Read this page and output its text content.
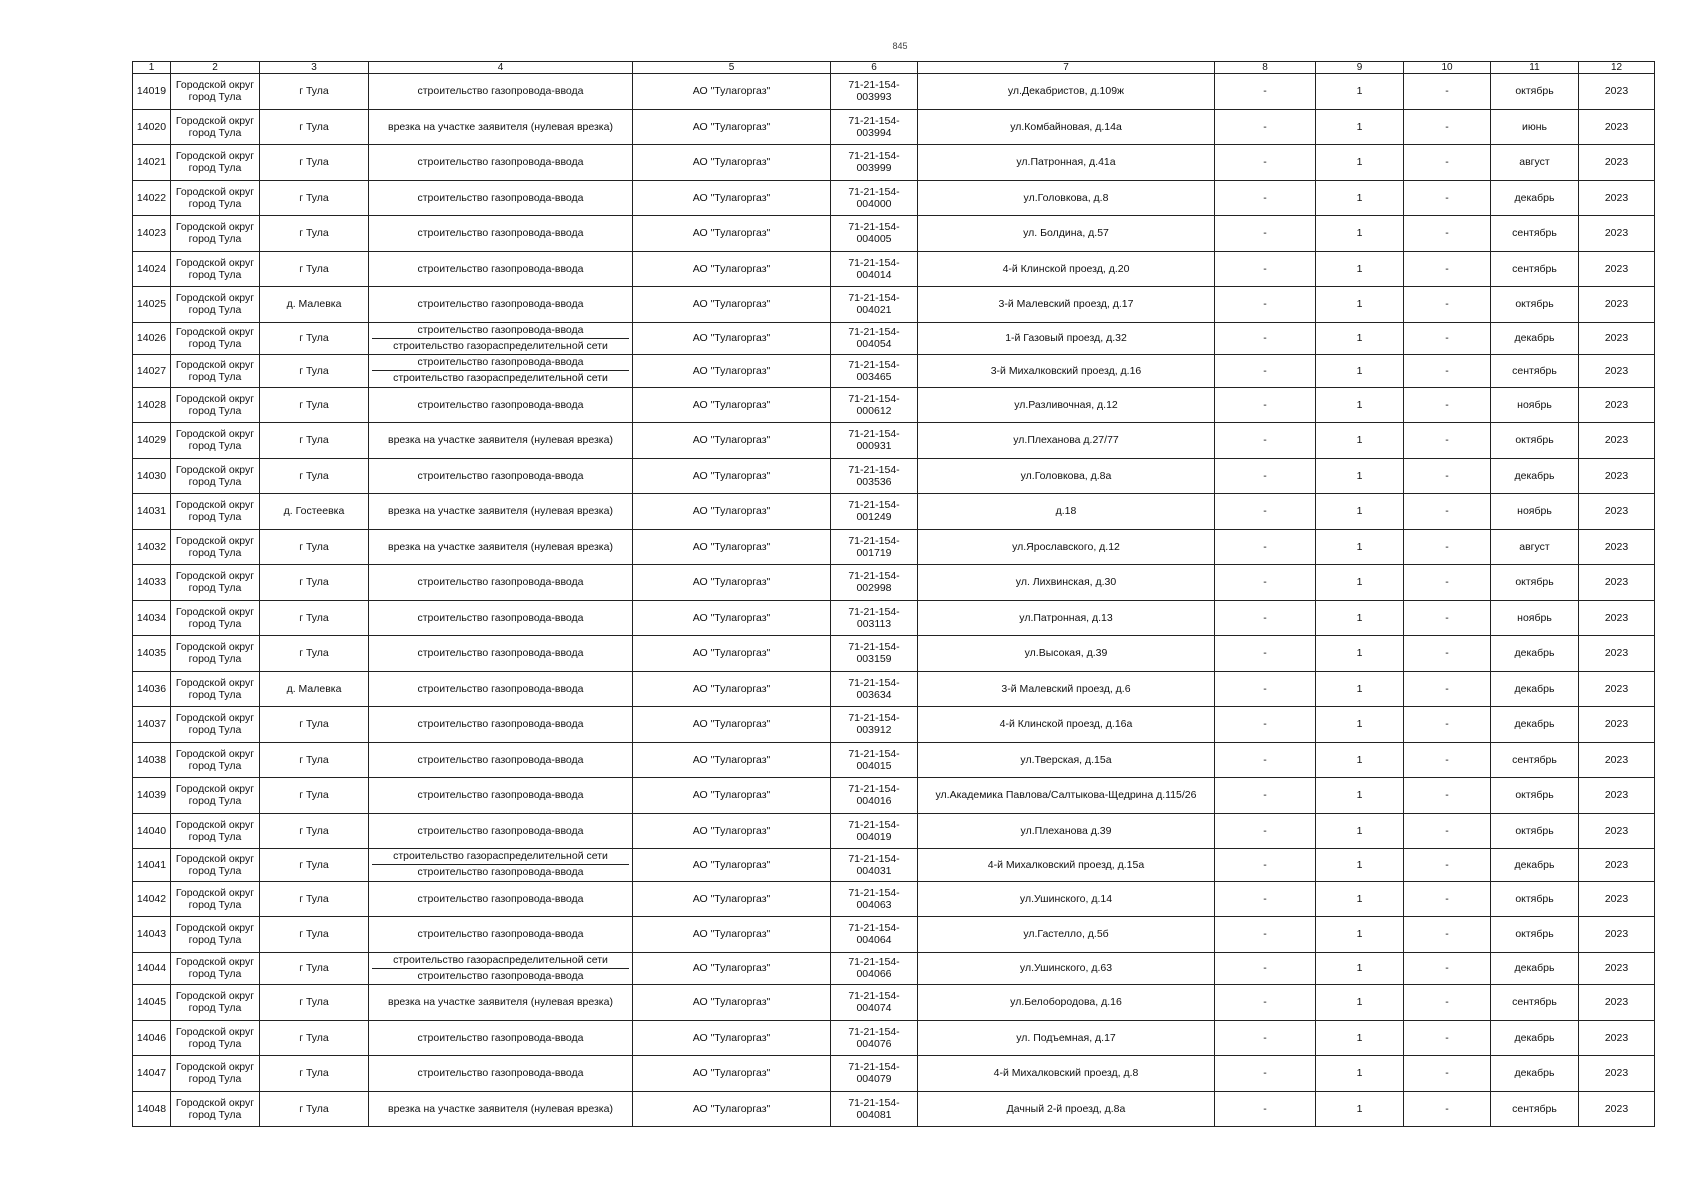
845
1	2	3	4	5	6	7	8	9	10	11	12
14019	Городской округ город Тула	г Тула	строительство газопровода-ввода	АО "Тулагоргаз"	71-21-154-003993	ул.Декабристов, д.109ж	-	1	-	октябрь	2023
14020	Городской округ город Тула	г Тула	врезка на участке заявителя (нулевая врезка)	АО "Тулагоргаз"	71-21-154-003994	ул.Комбайновая, д.14а	-	1	-	июнь	2023
14021	Городской округ город Тула	г Тула	строительство газопровода-ввода	АО "Тулагоргаз"	71-21-154-003999	ул.Патронная, д.41а	-	1	-	август	2023
14022	Городской округ город Тула	г Тула	строительство газопровода-ввода	АО "Тулагоргаз"	71-21-154-004000	ул.Головкова, д.8	-	1	-	декабрь	2023
14023	Городской округ город Тула	г Тула	строительство газопровода-ввода	АО "Тулагоргаз"	71-21-154-004005	ул. Болдина, д.57	-	1	-	сентябрь	2023
14024	Городской округ город Тула	г Тула	строительство газопровода-ввода	АО "Тулагоргаз"	71-21-154-004014	4-й Клинской проезд, д.20	-	1	-	сентябрь	2023
14025	Городской округ город Тула	д. Малевка	строительство газопровода-ввода	АО "Тулагоргаз"	71-21-154-004021	3-й Малевский проезд, д.17	-	1	-	октябрь	2023
14026	Городской округ город Тула	г Тула	строительство газопровода-ввода
строительство газораспределительной сети	АО "Тулагоргаз"	71-21-154-004054	1-й Газовый проезд, д.32	-	1	-	декабрь	2023
14027	Городской округ город Тула	г Тула	строительство газопровода-ввода
строительство газораспределительной сети	АО "Тулагоргаз"	71-21-154-003465	3-й Михалковский проезд, д.16	-	1	-	сентябрь	2023
14028	Городской округ город Тула	г Тула	строительство газопровода-ввода	АО "Тулагоргаз"	71-21-154-000612	ул.Разливочная, д.12	-	1	-	ноябрь	2023
14029	Городской округ город Тула	г Тула	врезка на участке заявителя (нулевая врезка)	АО "Тулагоргаз"	71-21-154-000931	ул.Плеханова д.27/77	-	1	-	октябрь	2023
14030	Городской округ город Тула	г Тула	строительство газопровода-ввода	АО "Тулагоргаз"	71-21-154-003536	ул.Головкова, д.8а	-	1	-	декабрь	2023
14031	Городской округ город Тула	д. Гостеевка	врезка на участке заявителя (нулевая врезка)	АО "Тулагоргаз"	71-21-154-001249	д.18	-	1	-	ноябрь	2023
14032	Городской округ город Тула	г Тула	врезка на участке заявителя (нулевая врезка)	АО "Тулагоргаз"	71-21-154-001719	ул.Ярославского, д.12	-	1	-	август	2023
14033	Городской округ город Тула	г Тула	строительство газопровода-ввода	АО "Тулагоргаз"	71-21-154-002998	ул. Лихвинская, д.30	-	1	-	октябрь	2023
14034	Городской округ город Тула	г Тула	строительство газопровода-ввода	АО "Тулагоргаз"	71-21-154-003113	ул.Патронная, д.13	-	1	-	ноябрь	2023
14035	Городской округ город Тула	г Тула	строительство газопровода-ввода	АО "Тулагоргаз"	71-21-154-003159	ул.Высокая, д.39	-	1	-	декабрь	2023
14036	Городской округ город Тула	д. Малевка	строительство газопровода-ввода	АО "Тулагоргаз"	71-21-154-003634	3-й Малевский проезд, д.6	-	1	-	декабрь	2023
14037	Городской округ город Тула	г Тула	строительство газопровода-ввода	АО "Тулагоргаз"	71-21-154-003912	4-й Клинской проезд, д.16а	-	1	-	декабрь	2023
14038	Городской округ город Тула	г Тула	строительство газопровода-ввода	АО "Тулагоргаз"	71-21-154-004015	ул.Тверская, д.15а	-	1	-	сентябрь	2023
14039	Городской округ город Тула	г Тула	строительство газопровода-ввода	АО "Тулагоргаз"	71-21-154-004016	ул.Академика Павлова/Салтыкова-Щедрина д.115/26	-	1	-	октябрь	2023
14040	Городской округ город Тула	г Тула	строительство газопровода-ввода	АО "Тулагоргаз"	71-21-154-004019	ул.Плеханова д.39	-	1	-	октябрь	2023
14041	Городской округ город Тула	г Тула	строительство газораспределительной сети
строительство газопровода-ввода	АО "Тулагоргаз"	71-21-154-004031	4-й Михалковский проезд, д.15а	-	1	-	декабрь	2023
14042	Городской округ город Тула	г Тула	строительство газопровода-ввода	АО "Тулагоргаз"	71-21-154-004063	ул.Ушинского, д.14	-	1	-	октябрь	2023
14043	Городской округ город Тула	г Тула	строительство газопровода-ввода	АО "Тулагоргаз"	71-21-154-004064	ул.Гастелло, д.5б	-	1	-	октябрь	2023
14044	Городской округ город Тула	г Тула	строительство газораспределительной сети
строительство газопровода-ввода	АО "Тулагоргаз"	71-21-154-004066	ул.Ушинского, д.63	-	1	-	декабрь	2023
14045	Городской округ город Тула	г Тула	врезка на участке заявителя (нулевая врезка)	АО "Тулагоргаз"	71-21-154-004074	ул.Белобородова, д.16	-	1	-	сентябрь	2023
14046	Городской округ город Тула	г Тула	строительство газопровода-ввода	АО "Тулагоргаз"	71-21-154-004076	ул. Подъемная, д.17	-	1	-	декабрь	2023
14047	Городской округ город Тула	г Тула	строительство газопровода-ввода	АО "Тулагоргаз"	71-21-154-004079	4-й Михалковский проезд, д.8	-	1	-	декабрь	2023
14048	Городской округ город Тула	г Тула	врезка на участке заявителя (нулевая врезка)	АО "Тулагоргаз"	71-21-154-004081	Дачный 2-й проезд, д.8а	-	1	-	сентябрь	2023
